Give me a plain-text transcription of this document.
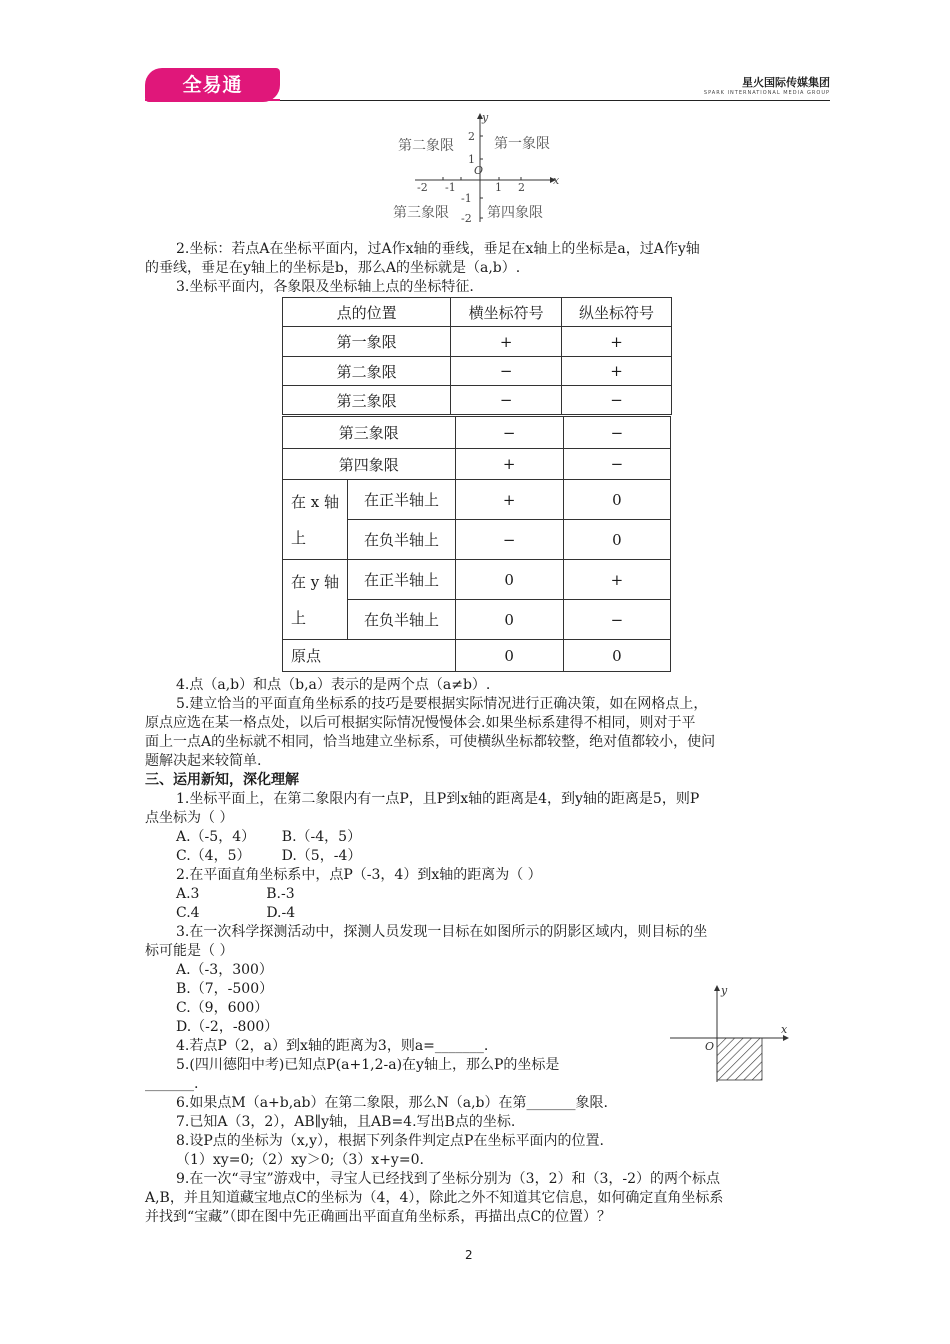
全易通	星火国际传媒集团
SPARK INTERNATIONAL MEDIA GROUP
y
x
O
-2 -1	1 2
2
1
-1
-2
第二象限	第一象限
第三象限	第四象限
2.坐标：若点A在坐标平面内，过A作x轴的垂线，垂足在x轴上的坐标是a，过A作y轴
的垂线，垂足在y轴上的坐标是b，那么A的坐标就是（a,b）.
3.坐标平面内，各象限及坐标轴上点的坐标特征.
点的位置	横坐标符号	纵坐标符号
第一象限	+	+
第二象限	−	+
第三象限	−	−
第三象限		−	−
第四象限		+	−
在 x 轴上	在正半轴上	+	0
	在负半轴上	−	0
在 y 轴上	在正半轴上	0	+
	在负半轴上	0	−
原点		0	0
4.点（a,b）和点（b,a）表示的是两个点（a≠b）.
5.建立恰当的平面直角坐标系的技巧是要根据实际情况进行正确决策，如在网格点上，
原点应选在某一格点处，以后可根据实际情况慢慢体会.如果坐标系建得不相同，则对于平
面上一点A的坐标就不相同，恰当地建立坐标系，可使横纵坐标都较整，绝对值都较小，使问
题解决起来较简单.
三、运用新知，深化理解
1.坐标平面上，在第二象限内有一点P，且P到x轴的距离是4，到y轴的距离是5，则P
点坐标为（ ）
A.（-5，4）      B.（-4，5）
C.（4，5）       D.（5，-4）
2.在平面直角坐标系中，点P（-3，4）到x轴的距离为（ ）
A.3               B.-3
C.4               D.-4
3.在一次科学探测活动中，探测人员发现一目标在如图所示的阴影区域内，则目标的坐
标可能是（ ）
A.（-3，300）
B.（7，-500）
C.（9，600）
D.（-2，-800）
4.若点P（2，a）到x轴的距离为3，则a=_______.
5.(四川德阳中考)已知点P(a+1,2-a)在y轴上，那么P的坐标是
_______.
6.如果点M（a+b,ab）在第二象限，那么N（a,b）在第_______象限.
7.已知A（3，2），AB∥y轴，且AB=4.写出B点的坐标.
8.设P点的坐标为（x,y），根据下列条件判定点P在坐标平面内的位置.
（1）xy=0;（2）xy＞0;（3）x+y=0.
9.在一次“寻宝”游戏中，寻宝人已经找到了坐标分别为（3，2）和（3，-2）的两个标点
A,B，并且知道藏宝地点C的坐标为（4，4），除此之外不知道其它信息，如何确定直角坐标系
并找到“宝藏”（即在图中先正确画出平面直角坐标系，再描出点C的位置）？
y
x
O
2
